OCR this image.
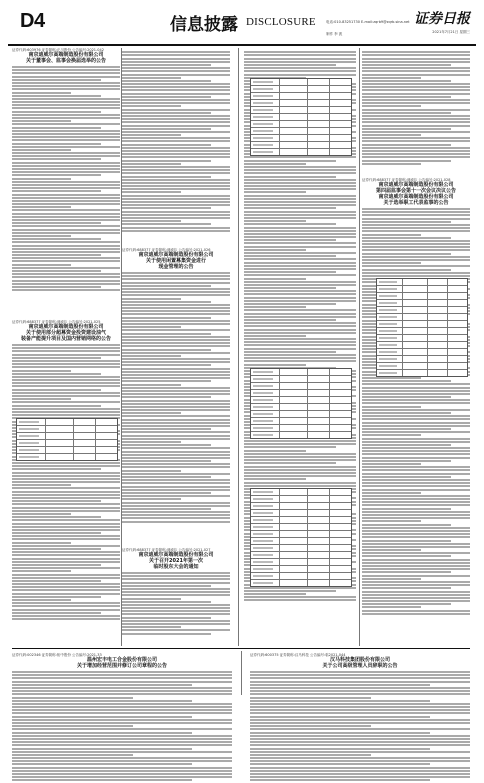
D4	信息披露 DISCLOSURE	电话:010-83251730 E-mail:zqrb9@zqrb.sina.net
制作 李 波
证券日报
2021年7月21日 星期三
证券代码:603976 证券简称:正川股份 公告编号:2021-042
南京迪威尔高端制造股份有限公司
关于董事会、监事会换届选举的公告
证券代码:688377 证券简称:迪威尔 公告编号:2021-025
南京迪威尔高端制造股份有限公司
关于使用部分超募资金投资建设油气
装备产能提升项目及国内营销网络的公告
证券代码:688377 证券简称:迪威尔 公告编号:2021-026
南京迪威尔高端制造股份有限公司
关于使用闲置募集资金进行
现金管理的公告
证券代码:688377 证券简称:迪威尔 公告编号:2021-027
南京迪威尔高端制造股份有限公司
关于召开2021年第一次
临时股东大会的通知
证券代码:688377 证券简称:迪威尔 公告编号:2021-028
南京迪威尔高端制造股份有限公司
第四届监事会第十一次会议决议公告
南京迪威尔高端制造股份有限公司
关于选举职工代表监事的公告
证券代码:002346 证券简称:柘中股份 公告编号:2021-33
温州宏丰电工合金股份有限公司
关于增加经营范围并修订公司章程的公告
证券代码:600375 证券简称:汉马科技 公告编号:临2021-044
汉马科技集团股份有限公司
关于公司高级管理人员辞职的公告
